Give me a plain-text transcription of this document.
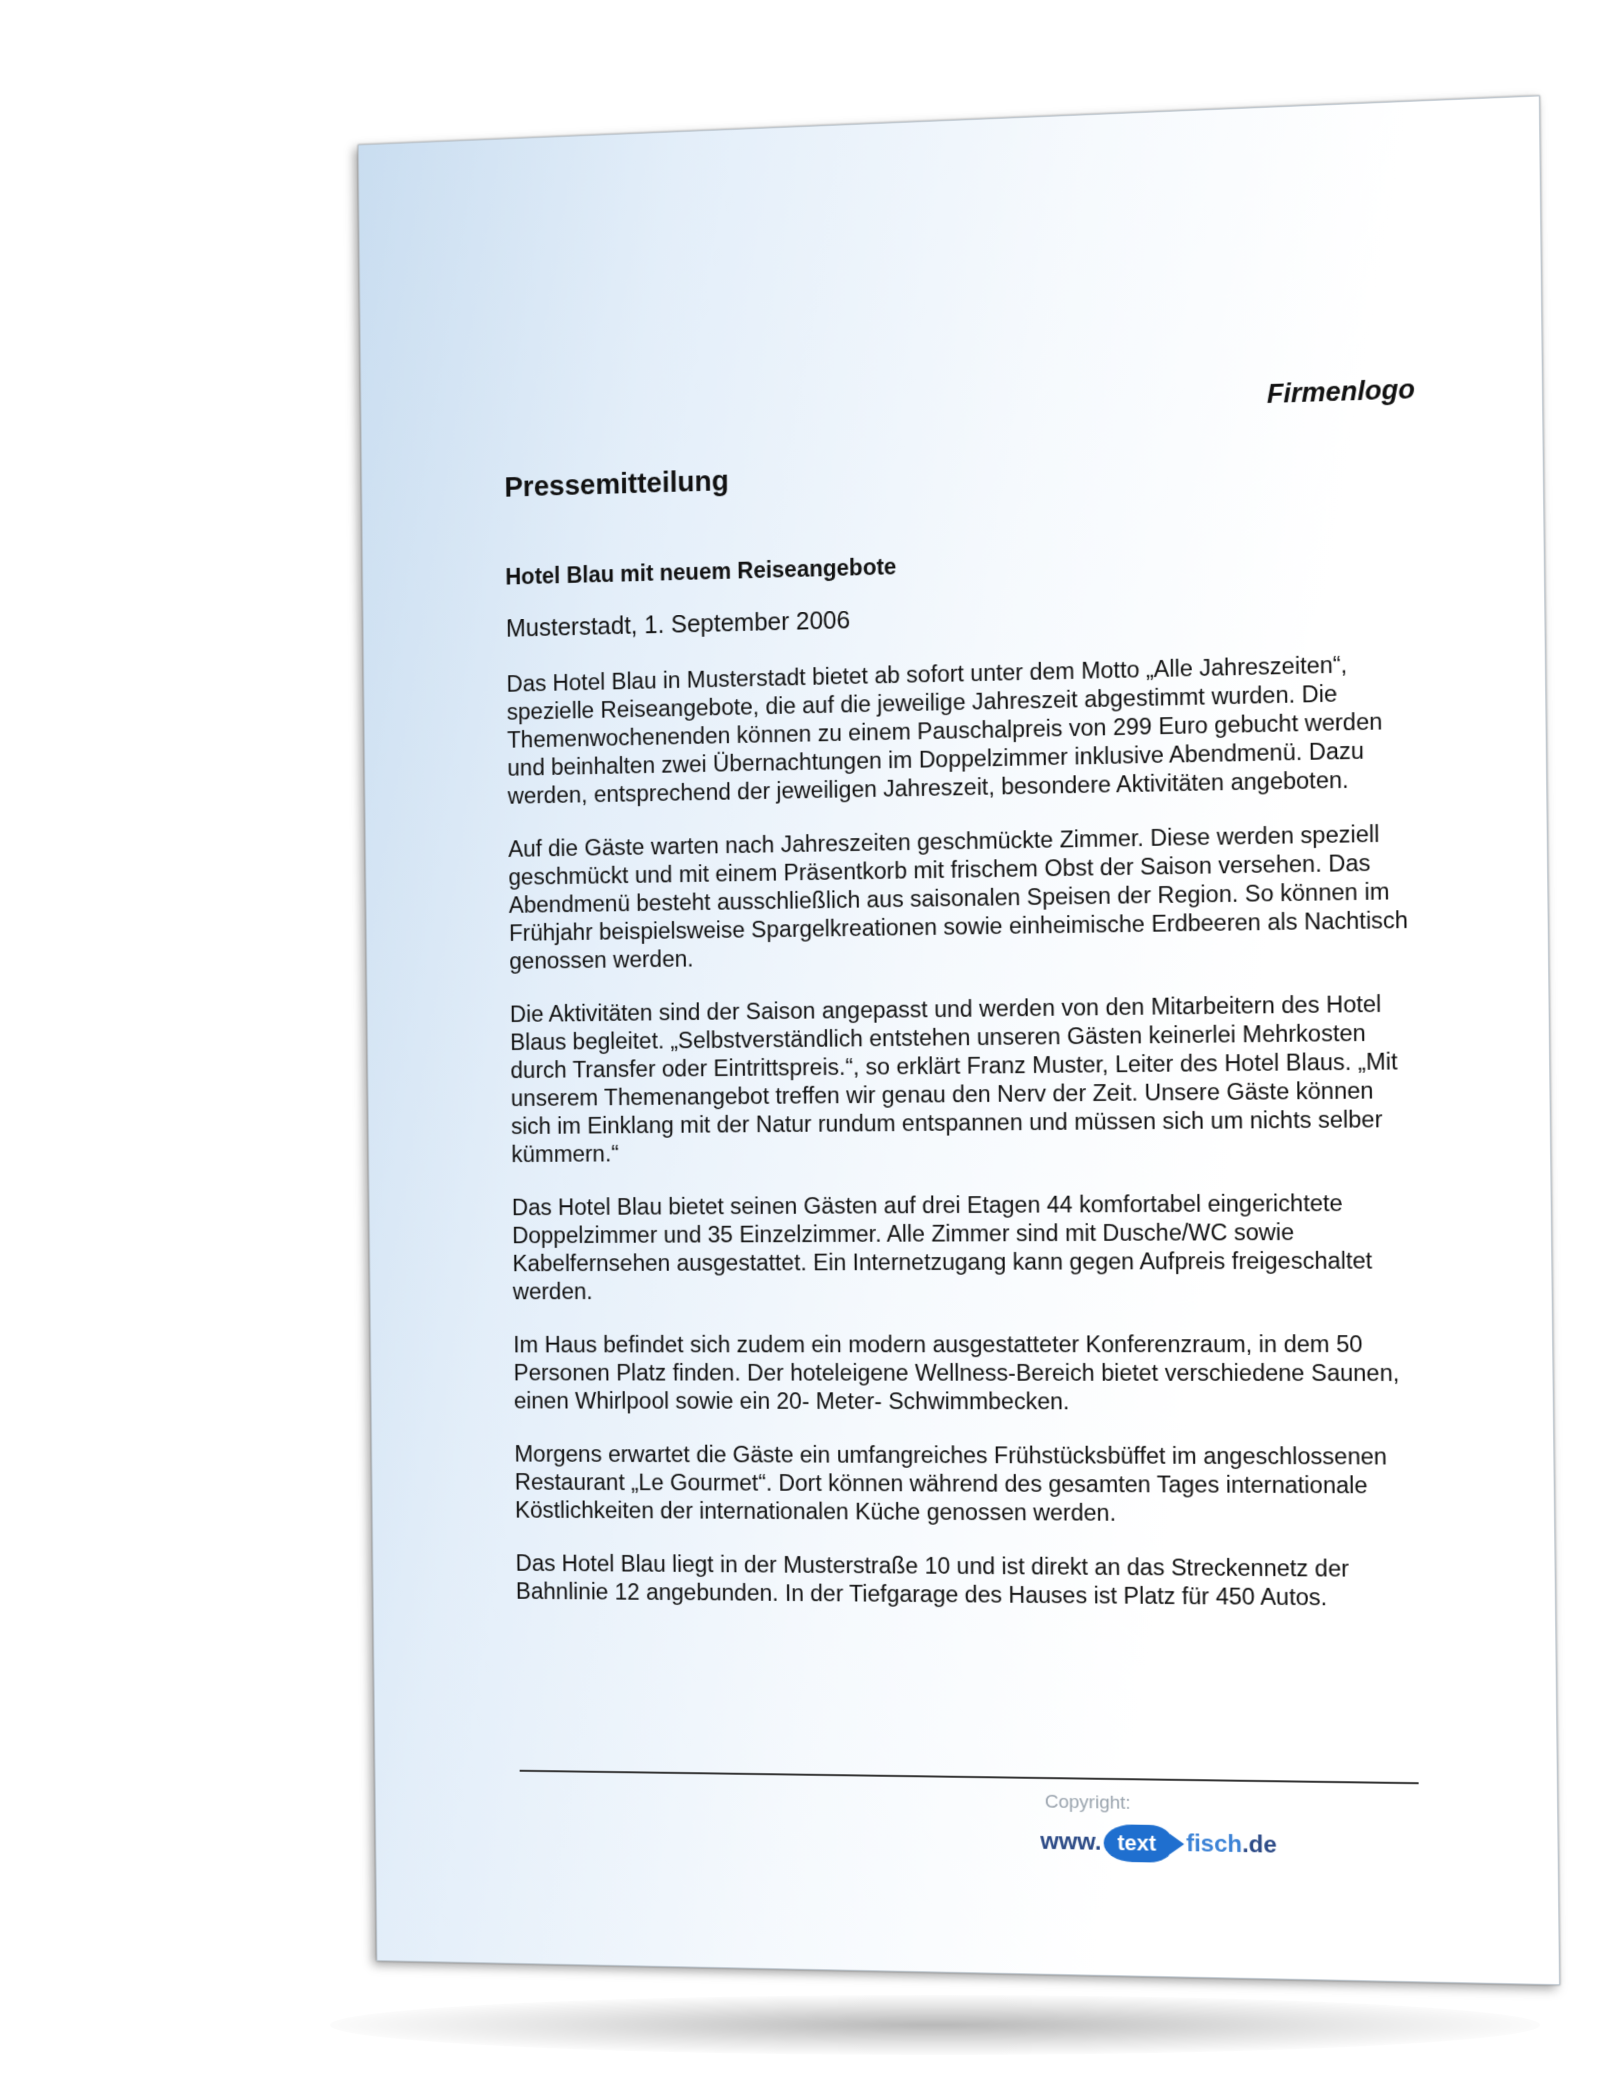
Firmenlogo
Pressemitteilung
Hotel Blau mit neuem Reiseangebote
Musterstadt, 1. September 2006

Das Hotel Blau in Musterstadt bietet ab sofort unter dem Motto „Alle Jahreszeiten“, spezielle Reiseangebote, die auf die jeweilige Jahreszeit abgestimmt wurden. Die Themenwochenenden können zu einem Pauschalpreis von 299 Euro gebucht werden und beinhalten zwei Übernachtungen im Doppelzimmer inklusive Abendmenü. Dazu werden, entsprechend der jeweiligen Jahreszeit, besondere Aktivitäten angeboten.

Auf die Gäste warten nach Jahreszeiten geschmückte Zimmer. Diese werden speziell geschmückt und mit einem Präsentkorb mit frischem Obst der Saison versehen. Das Abendmenü besteht ausschließlich aus saisonalen Speisen der Region. So können im Frühjahr beispielsweise Spargelkreationen sowie einheimische Erdbeeren als Nachtisch genossen werden.

Die Aktivitäten sind der Saison angepasst und werden von den Mitarbeitern des Hotel Blaus begleitet. „Selbstverständlich entstehen unseren Gästen keinerlei Mehrkosten durch Transfer oder Eintrittspreis.“, so erklärt Franz Muster, Leiter des Hotel Blaus. „Mit unserem Themenangebot treffen wir genau den Nerv der Zeit. Unsere Gäste können sich im Einklang mit der Natur rundum entspannen und müssen sich um nichts selber kümmern.“

Das Hotel Blau bietet seinen Gästen auf drei Etagen 44 komfortabel eingerichtete Doppelzimmer und 35 Einzelzimmer. Alle Zimmer sind mit Dusche/WC sowie Kabelfernsehen ausgestattet. Ein Internetzugang kann gegen Aufpreis freigeschaltet werden.

Im Haus befindet sich zudem ein modern ausgestatteter Konferenzraum, in dem 50 Personen Platz finden. Der hoteleigene Wellness-Bereich bietet verschiedene Saunen, einen Whirlpool sowie ein 20- Meter- Schwimmbecken.

Morgens erwartet die Gäste ein umfangreiches Frühstücksbüffet im angeschlossenen Restaurant „Le Gourmet“. Dort können während des gesamten Tages internationale Köstlichkeiten der internationalen Küche genossen werden.

Das Hotel Blau liegt in der Musterstraße 10 und ist direkt an das Streckennetz der Bahnlinie 12 angebunden. In der Tiefgarage des Hauses ist Platz für 450 Autos.

Copyright:
www. text	fisch .de
